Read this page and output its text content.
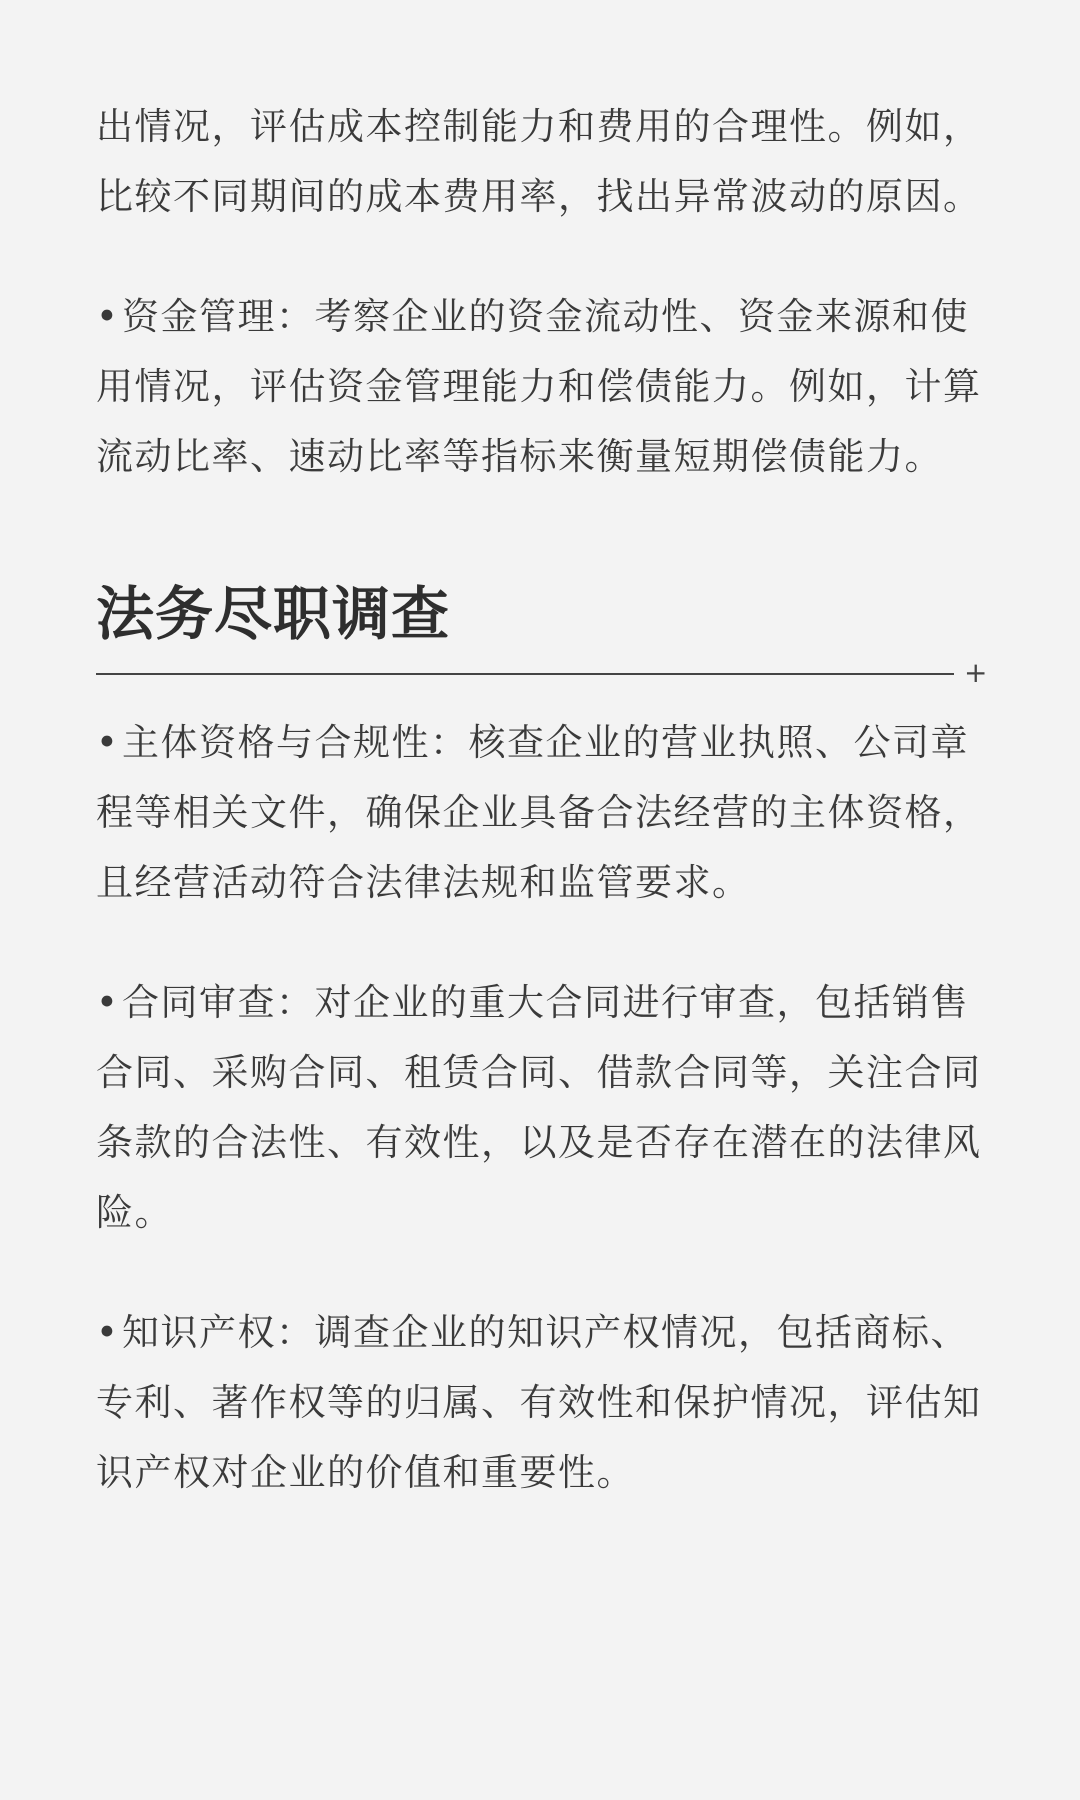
出情况，评估成本控制能力和费用的合理性。例如，比较不同期间的成本费用率，找出异常波动的原因。

•资金管理：考察企业的资金流动性、资金来源和使用情况，评估资金管理能力和偿债能力。例如，计算流动比率、速动比率等指标来衡量短期偿债能力。

法务尽职调查
+

•主体资格与合规性：核查企业的营业执照、公司章程等相关文件，确保企业具备合法经营的主体资格，且经营活动符合法律法规和监管要求。

•合同审查：对企业的重大合同进行审查，包括销售合同、采购合同、租赁合同、借款合同等，关注合同条款的合法性、有效性，以及是否存在潜在的法律风险。

•知识产权：调查企业的知识产权情况，包括商标、专利、著作权等的归属、有效性和保护情况，评估知识产权对企业的价值和重要性。
